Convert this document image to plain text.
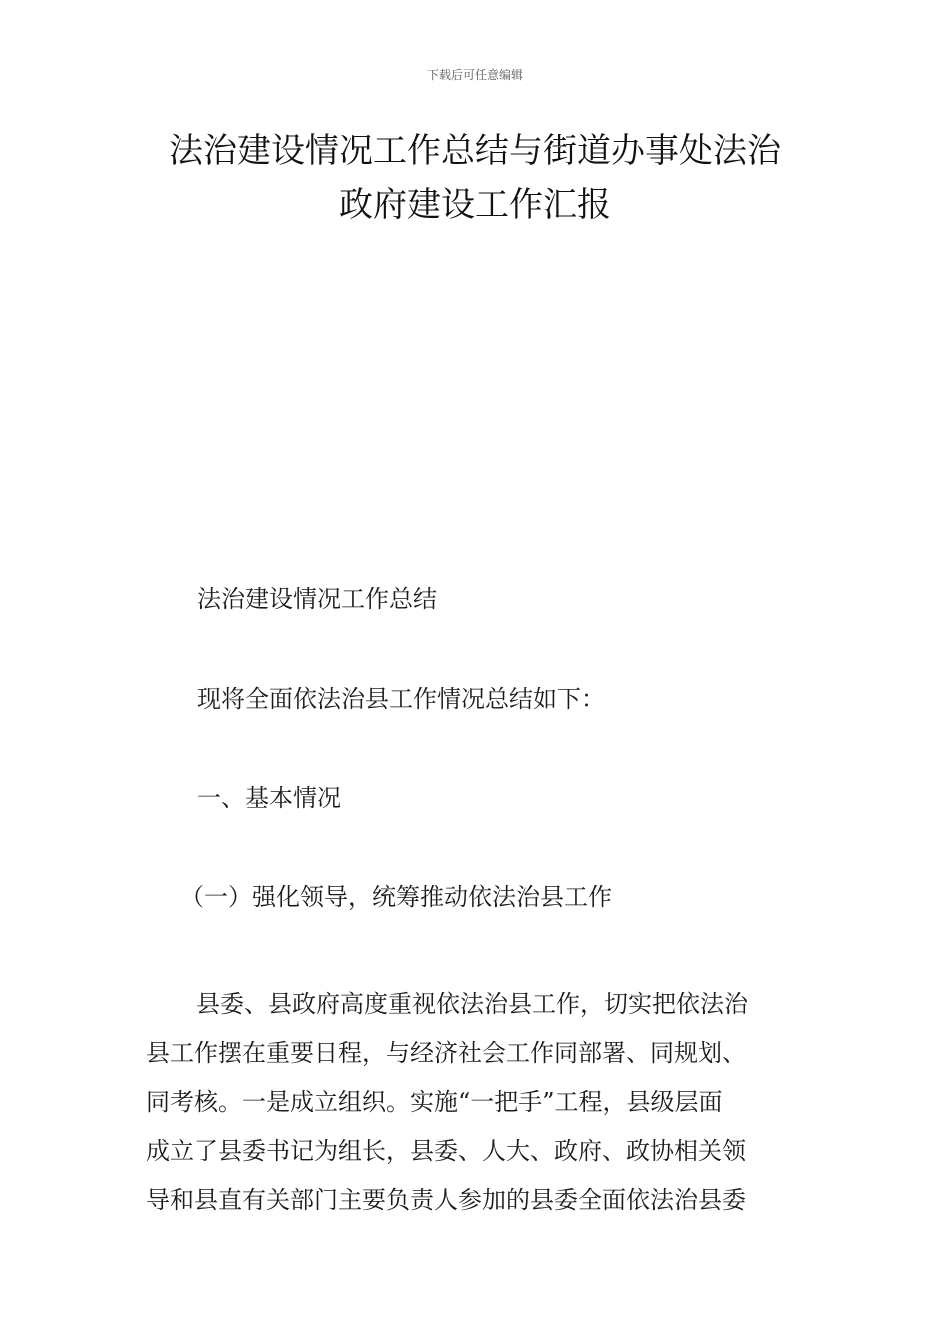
下载后可任意编辑
法治建设情况工作总结与街道办事处法治
政府建设工作汇报
法治建设情况工作总结
现将全面依法治县工作情况总结如下：
一、基本情况
（一）强化领导，统筹推动依法治县工作
县委、县政府高度重视依法治县工作，切实把依法治
县工作摆在重要日程，与经济社会工作同部署、同规划、
同考核。一是成立组织。实施“一把手”工程，县级层面
成立了县委书记为组长，县委、人大、政府、政协相关领
导和县直有关部门主要负责人参加的县委全面依法治县委
